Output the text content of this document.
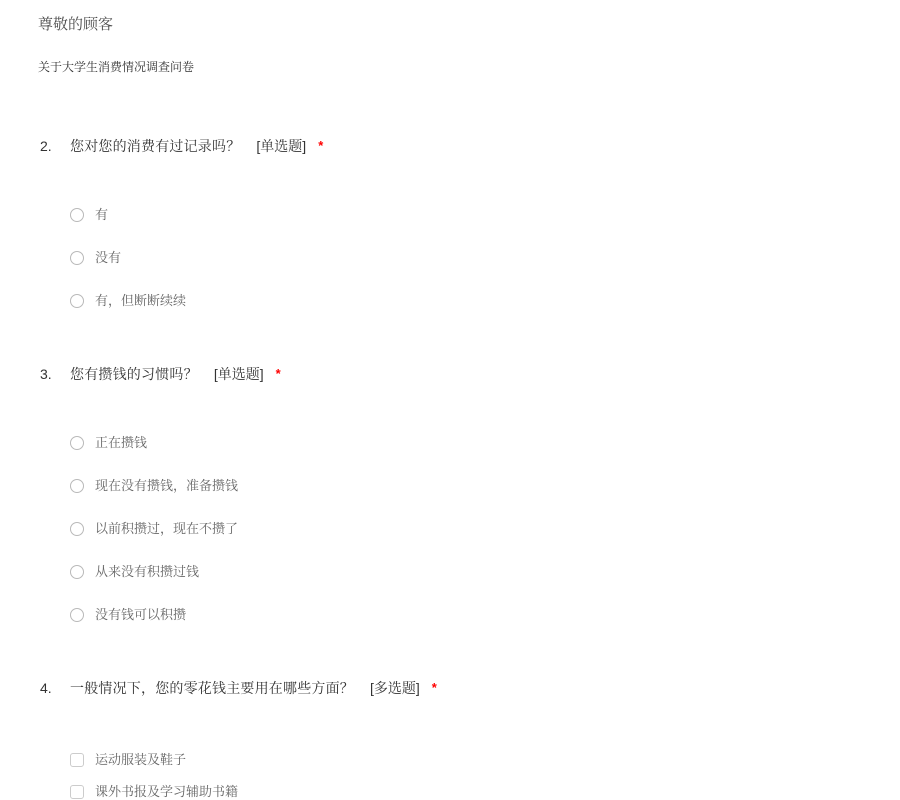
尊敬的顾客
关于大学生消费情况调查问卷
2.	您对您的消费有过记录吗？ [单选题] *
有
没有
有，但断断续续
3.	您有攒钱的习惯吗？ [单选题] *
正在攒钱
现在没有攒钱，准备攒钱
以前积攒过，现在不攒了
从来没有积攒过钱
没有钱可以积攒
4.	一般情况下，您的零花钱主要用在哪些方面？ [多选题] *
运动服装及鞋子
课外书报及学习辅助书籍
